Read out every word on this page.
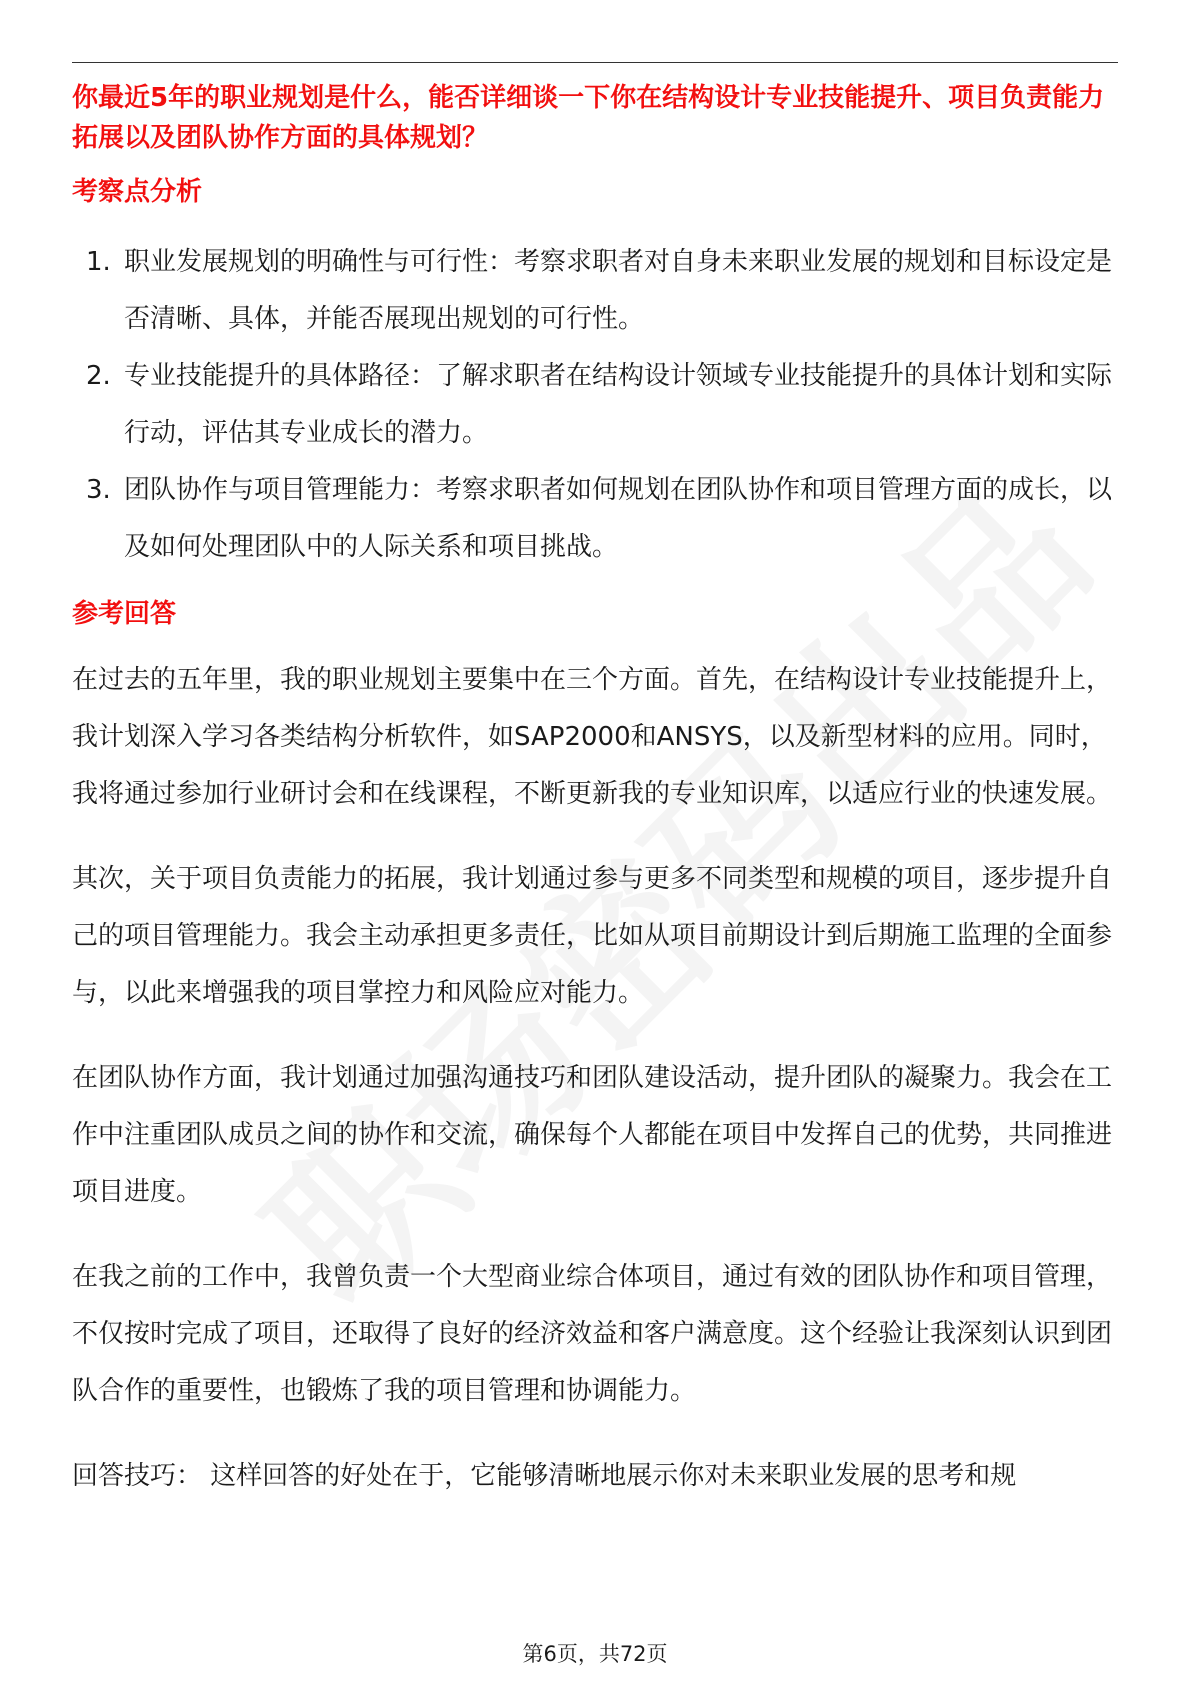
你最近5年的职业规划是什么，能否详细谈一下你在结构设计专业技能提升、项目负责能力拓展以及团队协作方面的具体规划？

考察点分析
1. 职业发展规划的明确性与可行性：考察求职者对自身未来职业发展的规划和目标设定是否清晰、具体，并能否展现出规划的可行性。
2. 专业技能提升的具体路径：了解求职者在结构设计领域专业技能提升的具体计划和实际行动，评估其专业成长的潜力。
3. 团队协作与项目管理能力：考察求职者如何规划在团队协作和项目管理方面的成长，以及如何处理团队中的人际关系和项目挑战。
参考回答

在过去的五年里，我的职业规划主要集中在三个方面。首先，在结构设计专业技能提升上，我计划深入学习各类结构分析软件，如SAP2000和ANSYS，以及新型材料的应用。同时，我将通过参加行业研讨会和在线课程，不断更新我的专业知识库，以适应行业的快速发展。

其次，关于项目负责能力的拓展，我计划通过参与更多不同类型和规模的项目，逐步提升自己的项目管理能力。我会主动承担更多责任，比如从项目前期设计到后期施工监理的全面参与，以此来增强我的项目掌控力和风险应对能力。

在团队协作方面，我计划通过加强沟通技巧和团队建设活动，提升团队的凝聚力。我会在工作中注重团队成员之间的协作和交流，确保每个人都能在项目中发挥自己的优势，共同推进项目进度。

在我之前的工作中，我曾负责一个大型商业综合体项目，通过有效的团队协作和项目管理，不仅按时完成了项目，还取得了良好的经济效益和客户满意度。这个经验让我深刻认识到团队合作的重要性，也锻炼了我的项目管理和协调能力。

回答技巧： 这样回答的好处在于，它能够清晰地展示你对未来职业发展的思考和规

第6页，共72页
